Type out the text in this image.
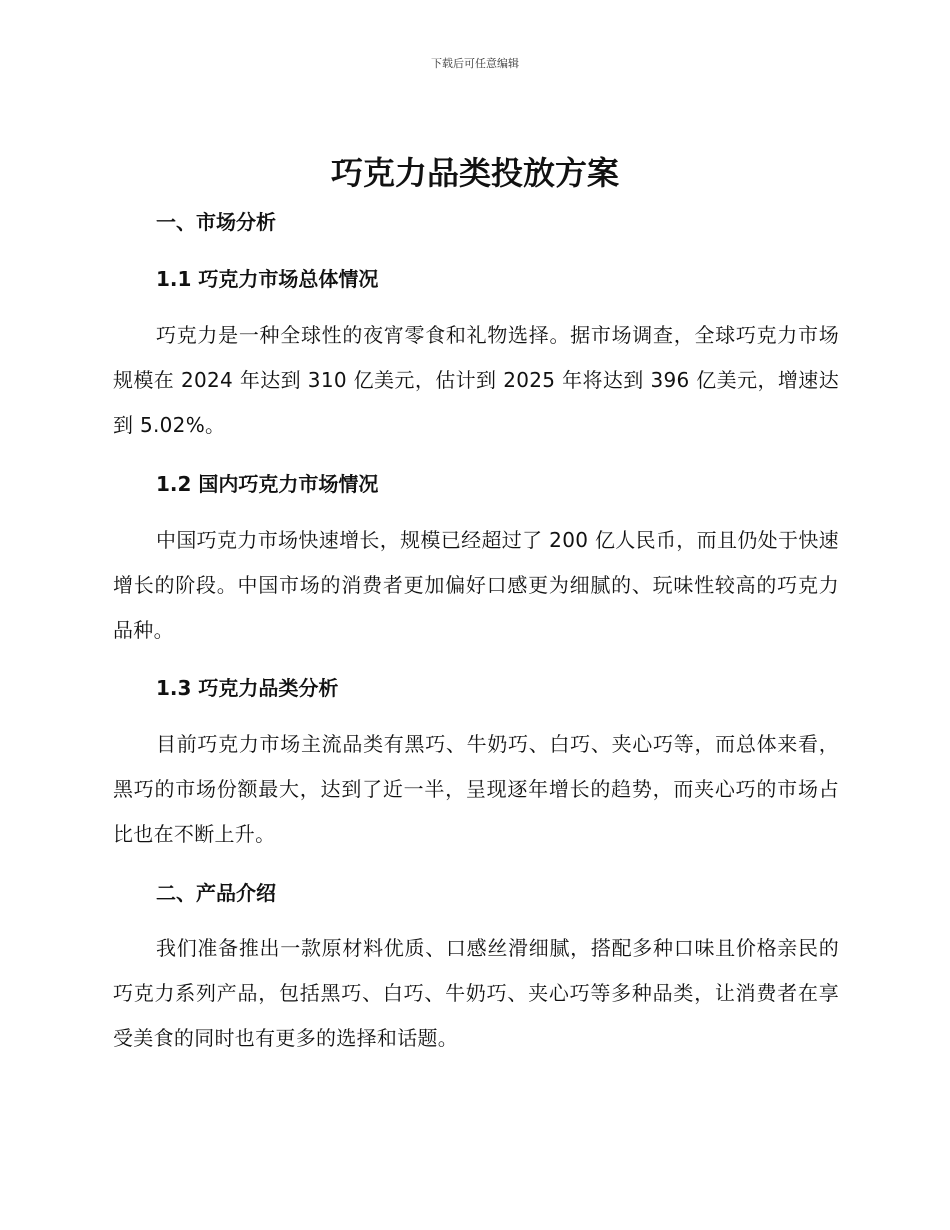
下载后可任意编辑
巧克力品类投放方案
一、市场分析
1.1 巧克力市场总体情况

巧克力是一种全球性的夜宵零食和礼物选择。据市场调查，全球巧克力市场规模在 2024 年达到 310 亿美元，估计到 2025 年将达到 396 亿美元，增速达到 5.02%。

1.2 国内巧克力市场情况

中国巧克力市场快速增长，规模已经超过了 200 亿人民币，而且仍处于快速增长的阶段。中国市场的消费者更加偏好口感更为细腻的、玩味性较高的巧克力品种。

1.3 巧克力品类分析

目前巧克力市场主流品类有黑巧、牛奶巧、白巧、夹心巧等，而总体来看，黑巧的市场份额最大，达到了近一半，呈现逐年增长的趋势，而夹心巧的市场占比也在不断上升。

二、产品介绍

我们准备推出一款原材料优质、口感丝滑细腻，搭配多种口味且价格亲民的巧克力系列产品，包括黑巧、白巧、牛奶巧、夹心巧等多种品类，让消费者在享受美食的同时也有更多的选择和话题。
